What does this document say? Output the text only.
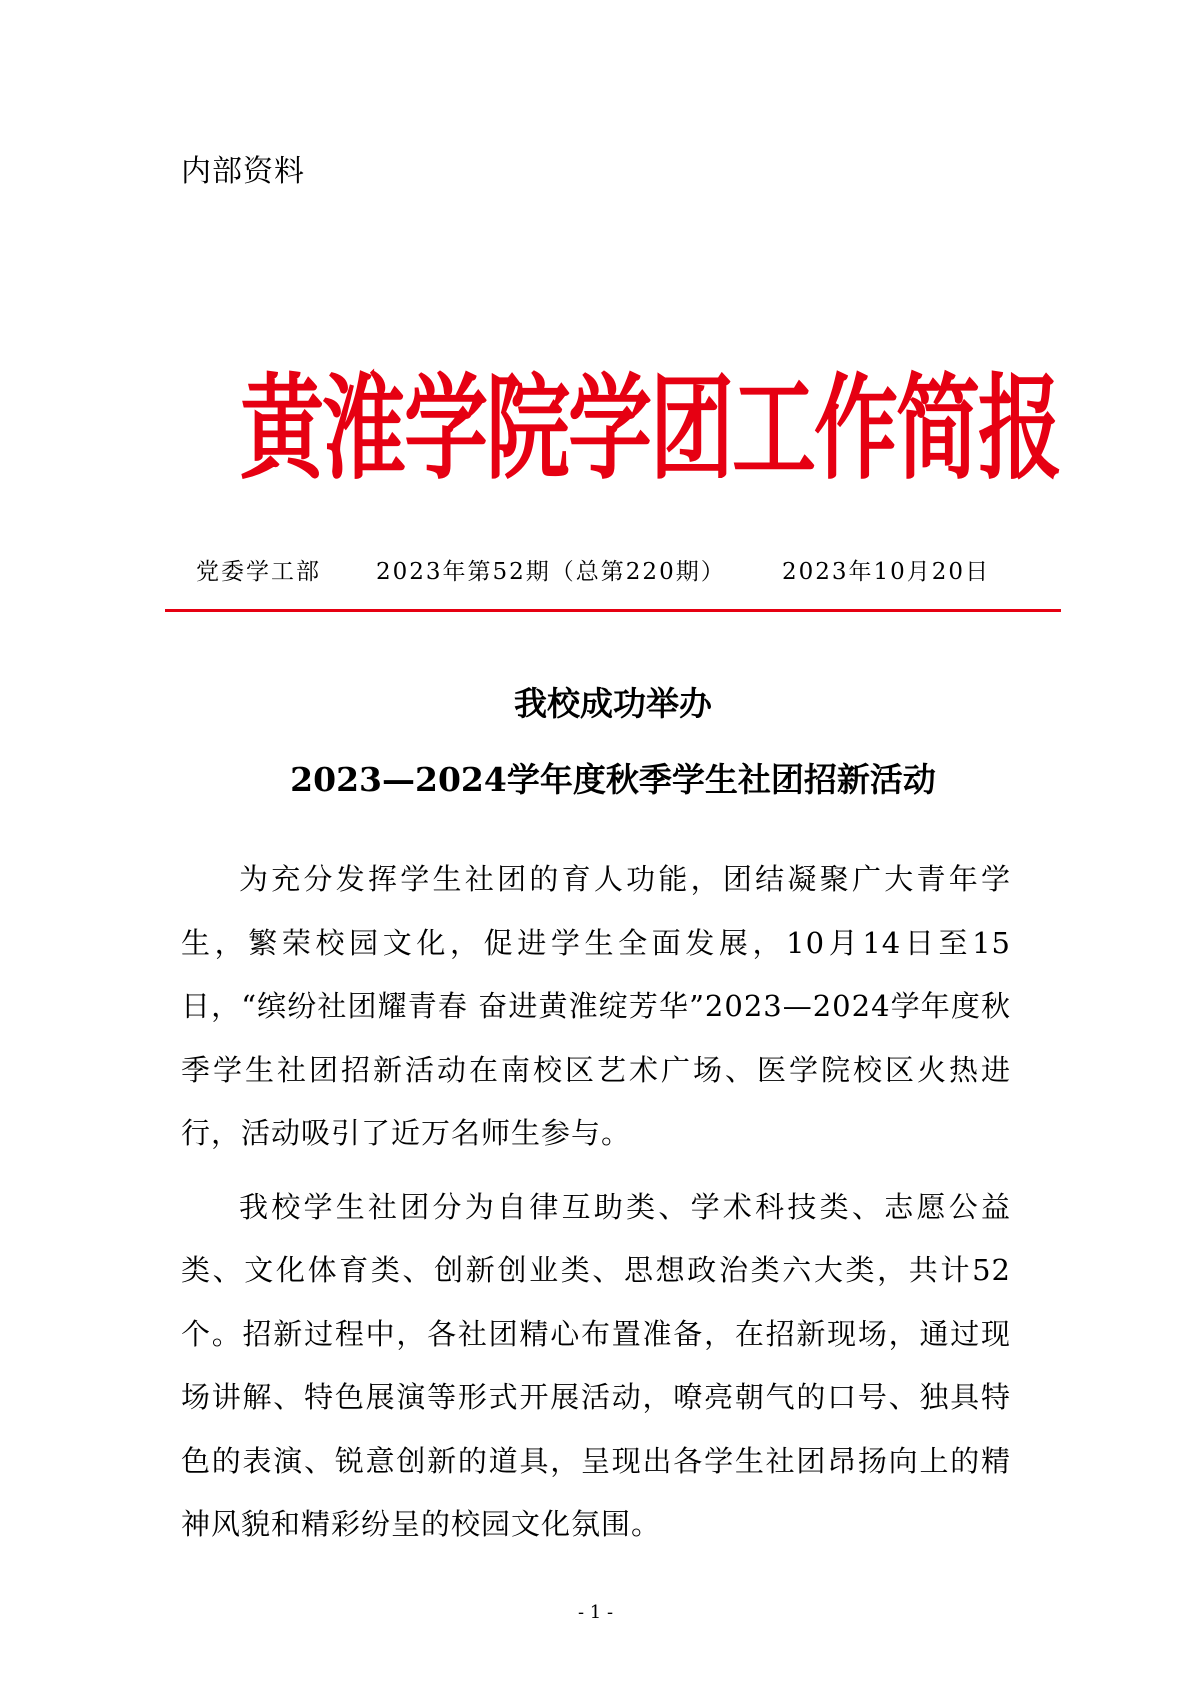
内部资料
黄淮学院学团工作简报
党委学工部 2023年第52期（总第220期） 2023年10月20日
我校成功举办
2023—2024学年度秋季学生社团招新活动

为充分发挥学生社团的育人功能，团结凝聚广大青年学生，繁荣校园文化，促进学生全面发展，10月14日至15日，“缤纷社团耀青春 奋进黄淮绽芳华”2023—2024学年度秋季学生社团招新活动在南校区艺术广场、医学院校区火热进行，活动吸引了近万名师生参与。

我校学生社团分为自律互助类、学术科技类、志愿公益类、文化体育类、创新创业类、思想政治类六大类，共计52个。招新过程中，各社团精心布置准备，在招新现场，通过现场讲解、特色展演等形式开展活动，嘹亮朝气的口号、独具特色的表演、锐意创新的道具，呈现出各学生社团昂扬向上的精神风貌和精彩纷呈的校园文化氛围。

- 1 -
